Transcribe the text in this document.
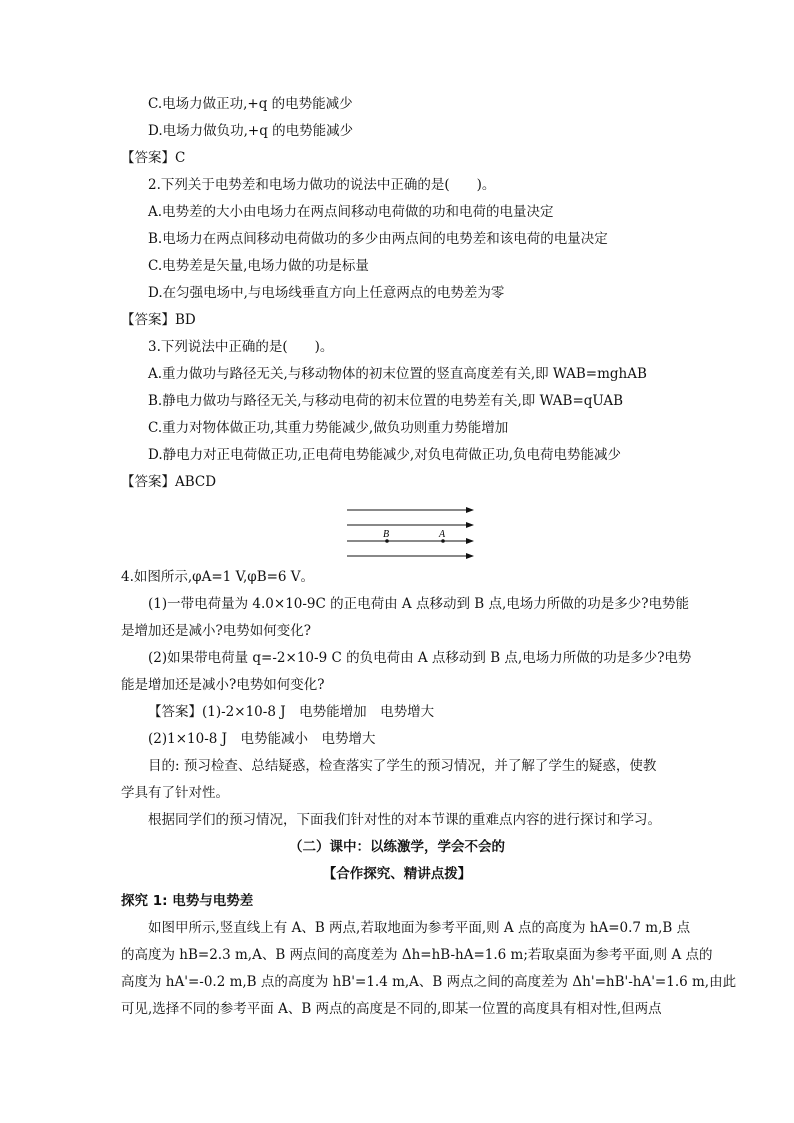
C.电场力做正功,+q 的电势能减少
D.电场力做负功,+q 的电势能减少
【答案】C
2.下列关于电势差和电场力做功的说法中正确的是(　　)。
A.电势差的大小由电场力在两点间移动电荷做的功和电荷的电量决定
B.电场力在两点间移动电荷做功的多少由两点间的电势差和该电荷的电量决定
C.电势差是矢量,电场力做的功是标量
D.在匀强电场中,与电场线垂直方向上任意两点的电势差为零
【答案】BD
3.下列说法中正确的是(　　)。
A.重力做功与路径无关,与移动物体的初末位置的竖直高度差有关,即 WAB=mghAB
B.静电力做功与路径无关,与移动电荷的初末位置的电势差有关,即 WAB=qUAB
C.重力对物体做正功,其重力势能减少,做负功则重力势能增加
D.静电力对正电荷做正功,正电荷电势能减少,对负电荷做正功,负电荷电势能减少
【答案】ABCD
B	A
4.如图所示,φA=1 V,φB=6 V。
(1)一带电荷量为 4.0×10-9C 的正电荷由 A 点移动到 B 点,电场力所做的功是多少?电势能
是增加还是减小?电势如何变化?
(2)如果带电荷量 q=-2×10-9 C 的负电荷由 A 点移动到 B 点,电场力所做的功是多少?电势
能是增加还是减小?电势如何变化?
【答案】(1)-2×10-8 J　电势能增加　电势增大
(2)1×10-8 J　电势能减小　电势增大
目的: 预习检查、总结疑惑，检查落实了学生的预习情况，并了解了学生的疑惑，使教
学具有了针对性。
根据同学们的预习情况，下面我们针对性的对本节课的重难点内容的进行探讨和学习。
（二）课中：以练激学，学会不会的
【合作探究、精讲点拨】
探究 1: 电势与电势差
如图甲所示,竖直线上有 A、B 两点,若取地面为参考平面,则 A 点的高度为 hA=0.7 m,B 点
的高度为 hB=2.3 m,A、B 两点间的高度差为 Δh=hB-hA=1.6 m;若取桌面为参考平面,则 A 点的
高度为 hA'=-0.2 m,B 点的高度为 hB'=1.4 m,A、B 两点之间的高度差为 Δh'=hB'-hA'=1.6 m,由此
可见,选择不同的参考平面 A、B 两点的高度是不同的,即某一位置的高度具有相对性,但两点
